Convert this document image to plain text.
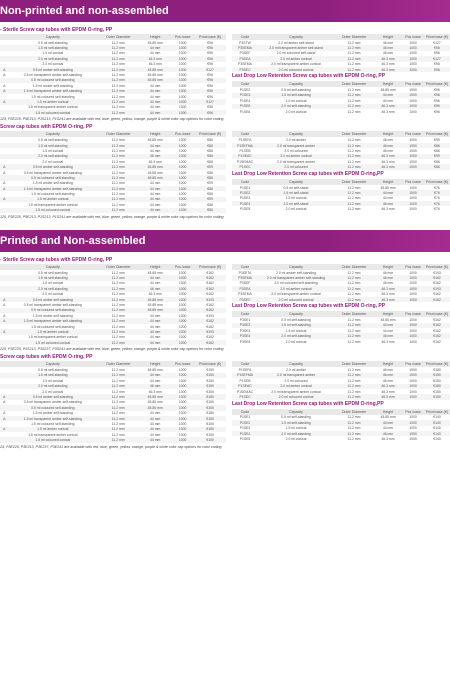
Non-printed and non-assembled
- Sterile Screw cap tubes with EPDM O-ring, PP
	Capacity	Outer Diameter	Height	Pcs./case	Price/case (€)
	0.5 ml self-standing	11.2 mm	45.85 mm	1000	€96
	1.5 ml self-standing	11.2 mm	44 mm	1000	€96
	1.5 ml conical	11.2 mm	44 mm	1000	€96
	2.0 ml self-standing	11.2 mm	46.3 mm	1000	€96
	2.0 ml conical	11.2 mm	46.3 mm	1000	€96
A	0.5 ml amber self-standing	11.2 mm	45.85 mm	1000	€127
A	0.5 ml transparent amber self-standing	11.2 mm	45.85 mm	1000	€96
	0.5 ml coloured self-standing	11.2 mm	45.85 mm	1000	€96
A	1.5 ml amber self-standing	11.2 mm	44 mm	1000	€96
A	1.5 ml transparent amber self-standing	11.2 mm	44 mm	1000	€96
	1.5 ml coloured self-standing	11.2 mm	44 mm	1000	€96
A	1.5 ml amber conical	11.2 mm	44 mm	1000	€127
	1.5 ml transparent amber conical	11.2 mm	44 mm	1000	€96
	1.5 ml coloured conical	11.2 mm	44 mm	1000	€96
Code	Capacity	Outer Diameter	Height	Pcs./case	Price/case (€)
P3STW	2.0 ml amber self-stand	11.2 mm	46 mm	1000	€127
P3SEMA	2.0 ml transparent amber self-stand	11.2 mm	46 mm	1000	€96
P3SEF	2.0 ml coloured self-stand	11.2 mm	46 mm	1000	€96
P3SEA	2.0 ml amber conical	11.2 mm	46.3 mm	1000	€127
P3SEMA	2.0 ml transparent amber conical	11.2 mm	46.3 mm	1000	€96
P3SEC	2.0 ml coloured conical	11.2 mm	46.3 mm	1000	€96
Last Drop Low Retention Screw cap tubes with EPDM O-ring, PP
Code	Capacity	Outer Diameter	Height	Pcs./case	Price/case (€)
P1SE2	0.5 ml self-standing	11.2 mm	45.85 mm	1000	€96
P1SE3	1.5 ml self-standing	11.2 mm	44 mm	1000	€96
P1SE4	1.5 ml conical	11.2 mm	44 mm	1000	€96
P1SE5	2.0 ml self-standing	11.2 mm	46.3 mm	1000	€96
P1SE6	2.0 ml conical	11.2 mm	46.3 mm	1000	€96
125, P3E225, P5E213, P1S213, P1S241 are available with red, blue, green, yellow, orange, purple & white color cap options for color coding
Screw cap tubes with EPDM O-ring, PP
	Capacity	Outer Diameter	Height	Pcs./case	Price/case (€)
	0.5 ml self-standing	11.2 mm	45.85 mm	1000	€86
	1.5 ml self-standing	11.2 mm	44 mm	1000	€86
	1.5 ml conical	11.2 mm	44 mm	1000	€86
	2.0 ml self-standing	11.2 mm	46 mm	1000	€86
	2.0 ml conical	11.2 mm	46.3 mm	1000	€86
A	0.5 ml amber self-standing	11.2 mm	45.85 mm	1000	€99
A	0.5 ml transparent amber self-standing	11.2 mm	45.85 mm	1000	€86
	0.5 ml coloured self-standing	11.2 mm	45.85 mm	1000	€86
A	1.5 ml amber self-standing	11.2 mm	44 mm	1000	€99
A	1.5 ml transparent amber self-standing	11.2 mm	44 mm	1000	€86
	1.5 ml coloured self-standing	11.2 mm	44 mm	1000	€86
A	1.5 ml amber conical	11.2 mm	44 mm	1000	€99
	1.5 ml transparent amber conical	11.2 mm	44 mm	1000	€86
	1.5 ml coloured conical	11.2 mm	44 mm	1000	€86
Code	Capacity	Outer Diameter	Height	Pcs./case	Price/case (€)
P1SEFA	2.0 ml amber	11.2 mm	46 mm	1000	€99
P1SEFMA	2.0 ml transparent amber	11.2 mm	46 mm	1000	€86
P1SEB	2.0 ml coloured	11.2 mm	46 mm	1000	€86
P1SEAC	2.0 ml amber conical	11.2 mm	46.3 mm	1000	€99
P1SEMAC	2.0 ml transparent amber	11.2 mm	46.3 mm	1000	€86
P1SEC	2.0 ml coloured	11.2 mm	46.3 mm	1000	€86
Last Drop Low Retention Screw cap tubes with EPDM O-ring,PP
Code	Capacity	Outer Diameter	Height	Pcs./case	Price/case (€)
P1SE1	0.5 ml self-stand	11.2 mm	45.85 mm	1000	€76
P1SE2	1.5 ml self-stand	11.2 mm	44 mm	1000	€76
P1SE3	1.5 ml conical	11.2 mm	44 mm	1000	€76
P1SE4	2.0 ml self-stand	11.2 mm	46 mm	1000	€76
P1SE5	2.0 ml conical	11.2 mm	46.3 mm	1000	€76
125, P3E225, P5E213, P1S213, P1S241 are available with red, blue, green, yellow, orange, purple & white color cap options for color coding
Printed and Non-assembled
- Sterile Screw cap tubes with EPDM O-ring, PP
	Capacity	Outer Diameter	Height	Pcs./case	Price/case (€)
	0.5 ml self-standing	11.2 mm	45.85 mm	1000	€162
	1.5 ml self-standing	11.2 mm	44 mm	1000	€162
	1.5 ml conical	11.2 mm	44 mm	1000	€162
	2.0 ml self-standing	11.2 mm	46 mm	1000	€162
	2.0 ml conical	11.2 mm	46.3 mm	1000	€162
A	0.5 ml amber self-standing	11.2 mm	45.85 mm	1000	€193
A	0.5 ml transparent amber self-standing	11.2 mm	45.85 mm	1000	€162
	0.5 ml coloured self-standing	11.2 mm	45.85 mm	1000	€162
A	1.5 ml amber self-standing	11.2 mm	44 mm	1000	€193
A	1.5 ml transparent amber self-standing	11.2 mm	44 mm	1000	€162
	1.5 ml coloured self-standing	11.2 mm	44 mm	1000	€162
A	1.5 ml amber conical	11.2 mm	44 mm	1000	€193
	1.5 ml transparent amber conical	11.2 mm	44 mm	1000	€162
	1.5 ml coloured conical	11.2 mm	44 mm	1000	€162
Code	Capacity	Outer Diameter	Height	Pcs./case	Price/case (€)
P3SETA	2.0 ml amber self-standing	11.2 mm	46 mm	1000	€193
P3SEMA	2.0 ml transparent amber self-standing	11.2 mm	46 mm	1000	€162
P3SEF	2.0 ml coloured self-standing	11.2 mm	46 mm	1000	€162
P3SEA	2.0 ml amber conical	11.2 mm	46.3 mm	1000	€193
P3SEMA	2.0 ml transparent amber conical	11.2 mm	46.3 mm	1000	€162
P3SEC	2.0 ml coloured conical	11.2 mm	46.3 mm	1000	€162
Last Drop Low Retention Screw cap tubes with EPDM O-ring, PP
Code	Capacity	Outer Diameter	Height	Pcs./case	Price/case (€)
P3SE1	0.5 ml self-standing	11.2 mm	45.85 mm	1000	€162
P3SE2	1.5 ml self-standing	11.2 mm	44 mm	1000	€162
P3SE3	1.5 ml conical	11.2 mm	44 mm	1000	€162
P3SE4	2.0 ml self-standing	11.2 mm	46 mm	1000	€162
P3SE5	2.0 ml conical	11.2 mm	46.3 mm	1000	€162
225, P3E225, P3S213, P3S237, P3S241 are available with red, blue, green, yellow, orange, purple & white color cap options for color coding
Screw cap tubes with EPDM O-ring, PP
	Capacity	Outer Diameter	Height	Pcs./case	Price/case (€)
	0.5 ml self-standing	11.2 mm	45.85 mm	1000	€150
	1.5 ml self-standing	11.2 mm	44 mm	1000	€150
	1.5 ml conical	11.2 mm	44 mm	1000	€150
	2.0 ml self-standing	11.2 mm	46 mm	1000	€150
	2.0 ml conical	11.2 mm	46.3 mm	1000	€150
A	0.5 ml amber self-standing	11.2 mm	45.85 mm	1000	€180
A	0.5 ml transparent amber self-standing	11.2 mm	45.85 mm	1000	€150
	0.5 ml coloured self-standing	11.2 mm	45.85 mm	1000	€150
A	1.5 ml amber self-standing	11.2 mm	44 mm	1000	€180
A	1.5 ml transparent amber self-standing	11.2 mm	44 mm	1000	€150
	1.5 ml coloured self-standing	11.2 mm	44 mm	1000	€150
A	1.5 ml amber conical	11.2 mm	44 mm	1000	€180
	1.5 ml transparent amber conical	11.2 mm	44 mm	1000	€150
	1.5 ml coloured conical	11.2 mm	44 mm	1000	€150
Code	Capacity	Outer Diameter	Height	Pcs./case	Price/case (€)
P1SEFA	2.0 ml amber	11.2 mm	46 mm	1000	€180
P1SEFMA	2.0 ml transparent amber	11.2 mm	46 mm	1000	€150
P1SEB	2.0 ml coloured	11.2 mm	46 mm	1000	€150
P1SEAC	2.0 ml amber conical	11.2 mm	46.3 mm	1000	€180
P1SEMAC	2.0 ml transparent amber conical	11.2 mm	46.3 mm	1000	€150
P1SEC	2.0 ml coloured conical	11.2 mm	46.3 mm	1000	€150
Last Drop Low Retention Screw cap tubes with EPDM O-ring,PP
Code	Capacity	Outer Diameter	Height	Pcs./case	Price/case (€)
P1SE1	0.5 ml self-standing	11.2 mm	45.85 mm	1000	€140
P1SE2	1.5 ml self-standing	11.2 mm	44 mm	1000	€140
P1SE3	1.5 ml conical	11.2 mm	44 mm	1000	€140
P1SE4	2.0 ml self-standing	11.2 mm	46 mm	1000	€140
P1SE5	2.0 ml conical	11.2 mm	46.3 mm	1000	€140
24, P3E225, P3E213, P3E237, P3E241 are available with red, blue, green, yellow, orange, purple & white color cap options for color coding
